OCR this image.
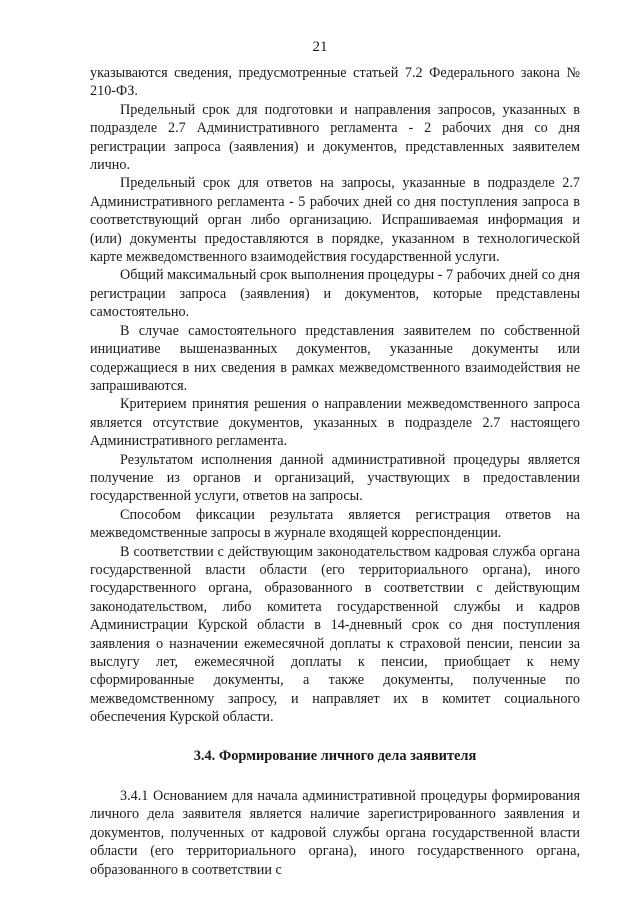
21

указываются сведения, предусмотренные статьей 7.2 Федерального закона № 210-ФЗ.

Предельный срок для подготовки и направления запросов, указанных в подразделе 2.7 Административного регламента - 2 рабочих дня со дня регистрации запроса (заявления) и документов, представленных заявителем лично.

Предельный срок для ответов на запросы, указанные в подразделе 2.7 Административного регламента - 5 рабочих дней со дня поступления запроса в соответствующий орган либо организацию. Испрашиваемая информация и (или) документы предоставляются в порядке, указанном в технологической карте межведомственного взаимодействия государственной услуги.

Общий максимальный срок выполнения процедуры - 7 рабочих дней со дня регистрации запроса (заявления) и документов, которые представлены самостоятельно.

В случае самостоятельного представления заявителем по собственной инициативе вышеназванных документов, указанные документы или содержащиеся в них сведения в рамках межведомственного взаимодействия не запрашиваются.

Критерием принятия решения о направлении межведомственного запроса является отсутствие документов, указанных в подразделе 2.7 настоящего Административного регламента.

Результатом исполнения данной административной процедуры является получение из органов и организаций, участвующих в предоставлении государственной услуги, ответов на запросы.

Способом фиксации результата является регистрация ответов на межведомственные запросы в журнале входящей корреспонденции.

В соответствии с действующим законодательством кадровая служба органа государственной власти области (его территориального органа), иного государственного органа, образованного в соответствии с действующим законодательством, либо комитета государственной службы и кадров Администрации Курской области в 14-дневный срок со дня поступления заявления о назначении ежемесячной доплаты к страховой пенсии, пенсии за выслугу лет, ежемесячной доплаты к пенсии, приобщает к нему сформированные документы, а также документы, полученные по межведомственному запросу, и направляет их в комитет социального обеспечения Курской области.

3.4. Формирование личного дела заявителя

3.4.1 Основанием для начала административной процедуры формирования личного дела заявителя является наличие зарегистрированного заявления и документов, полученных от кадровой службы органа государственной власти области (его территориального органа), иного государственного органа, образованного в соответствии с
